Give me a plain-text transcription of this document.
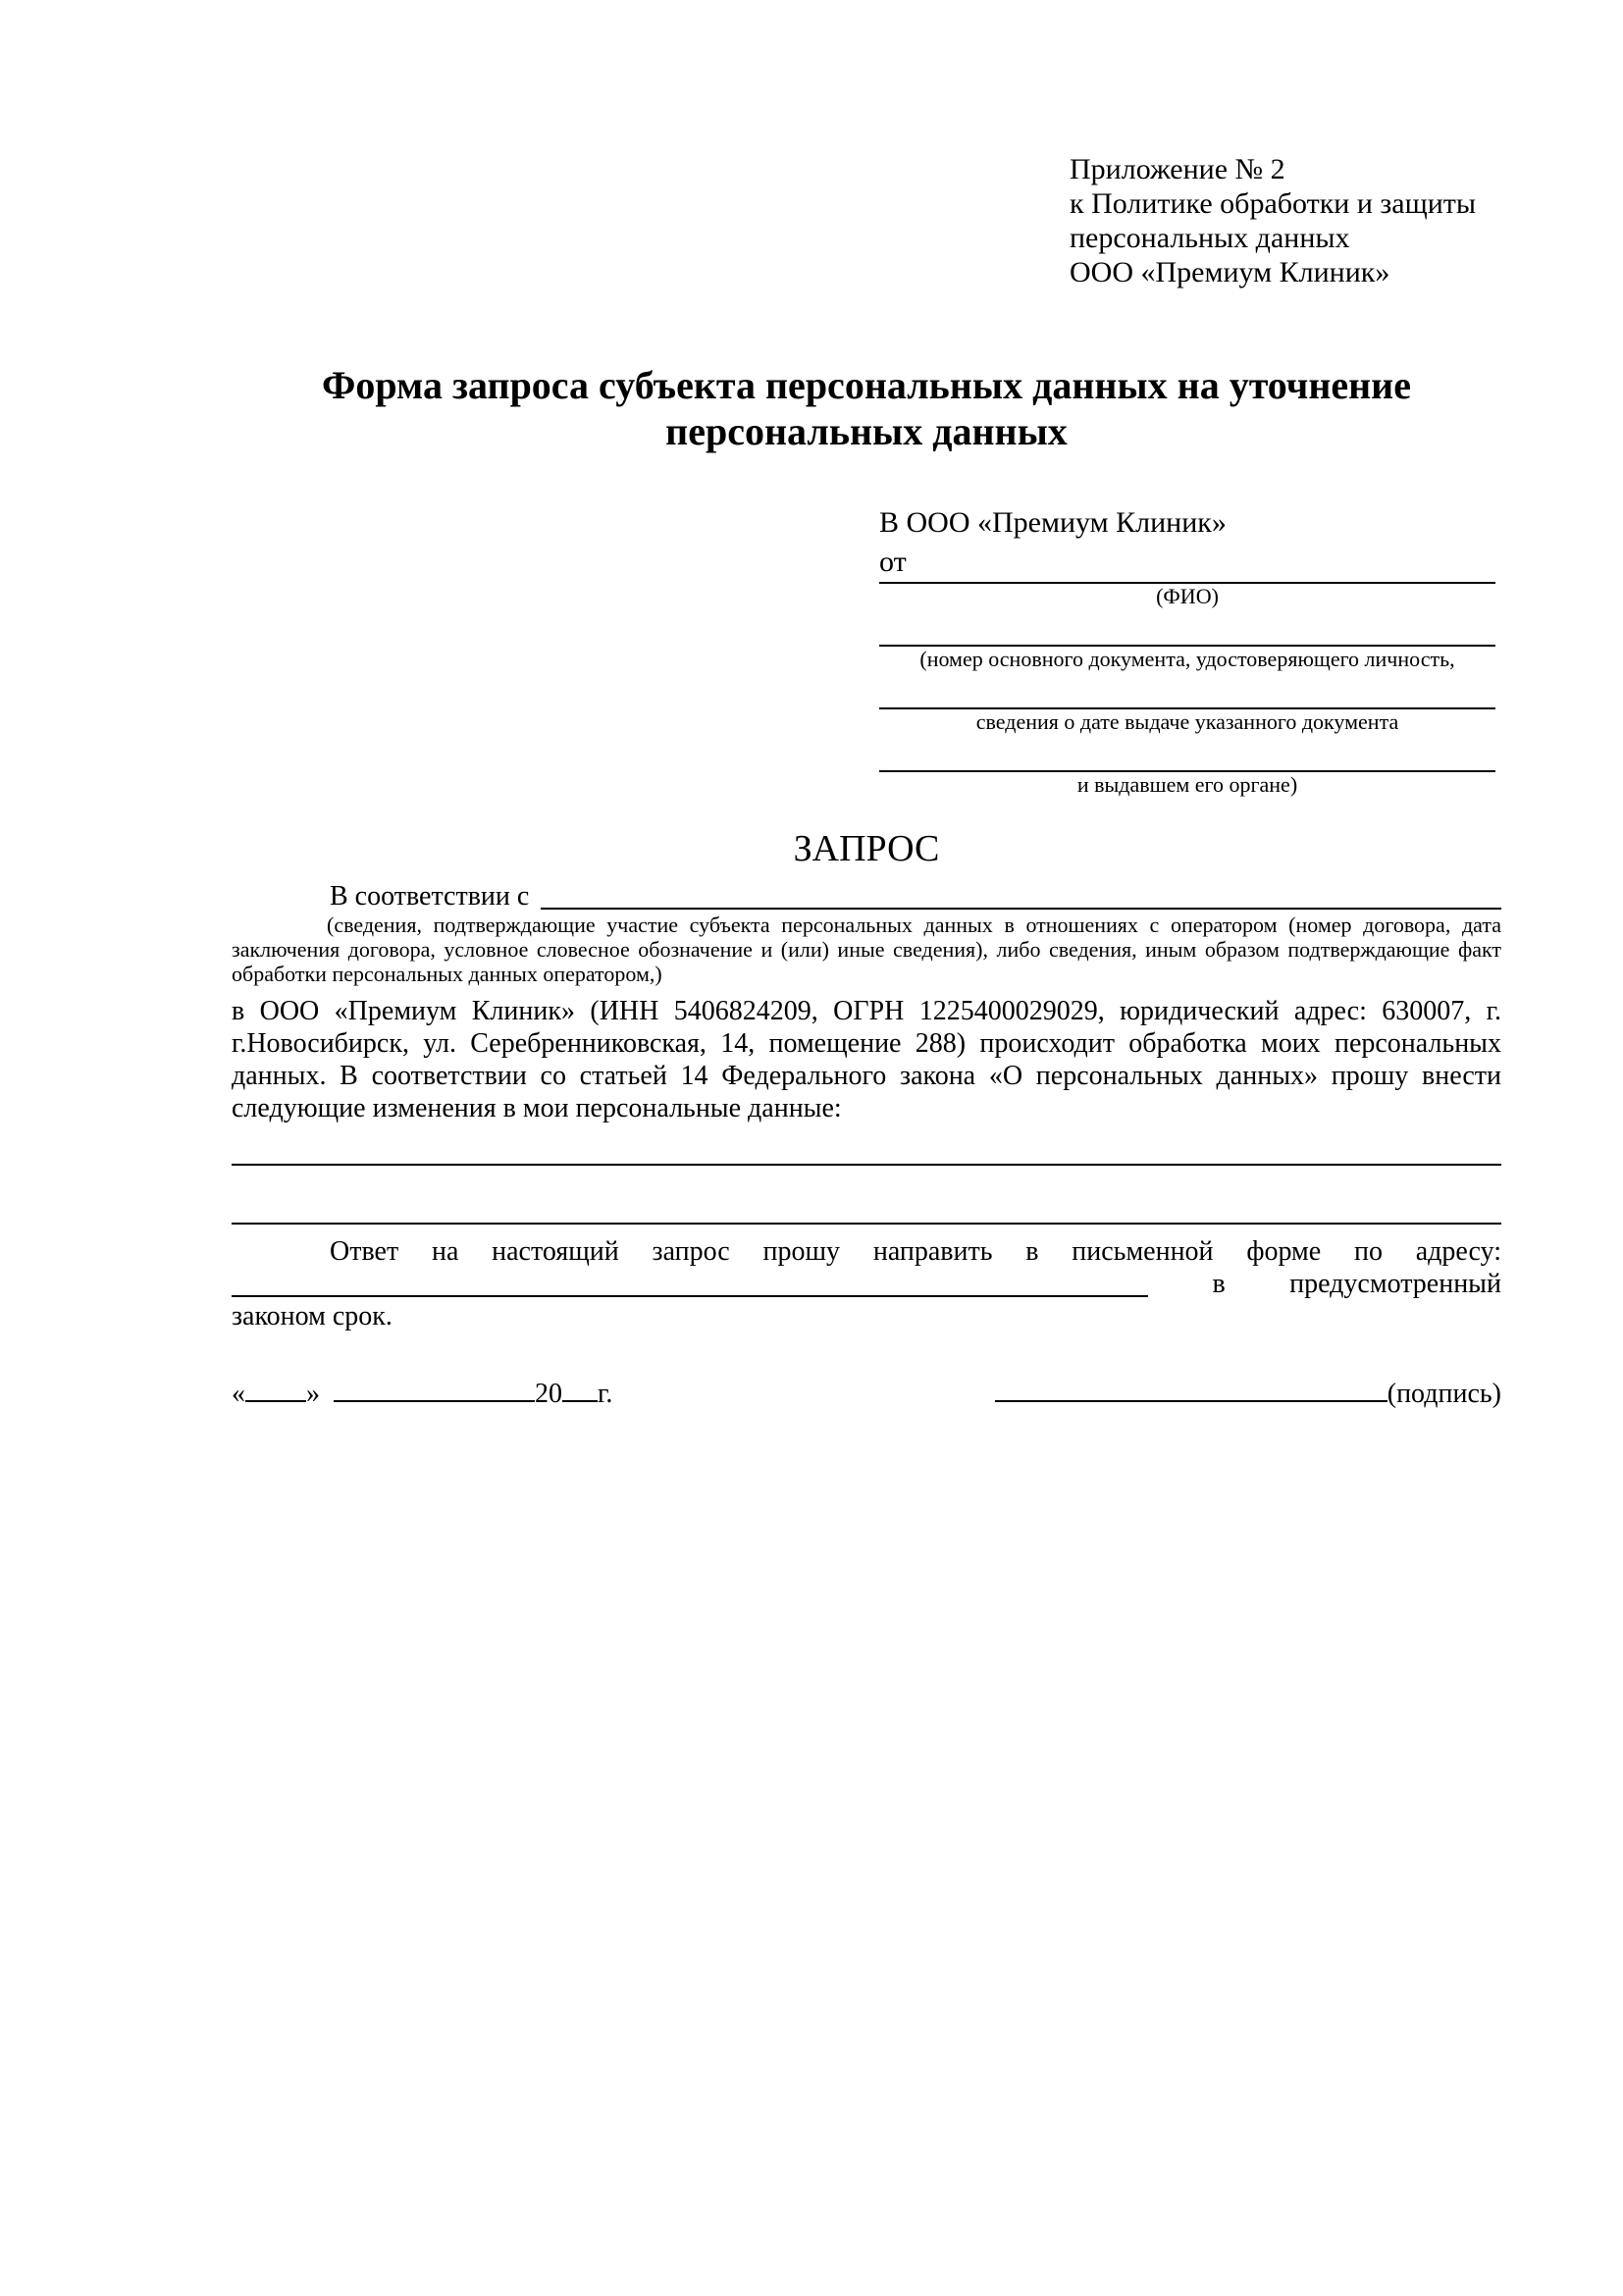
Приложение № 2
к Политике обработки и защиты
персональных данных
ООО «Премиум Клиник»
Форма запроса субъекта персональных данных на уточнение
персональных данных
В ООО «Премиум Клиник»
от
(ФИО)
(номер основного документа, удостоверяющего личность,
сведения о дате выдаче указанного документа
и выдавшем его органе)
ЗАПРОС
В соответствии с
(сведения, подтверждающие участие субъекта персональных данных в отношениях с оператором (номер договора, дата заключения договора, условное словесное обозначение и (или) иные сведения), либо сведения, иным образом подтверждающие факт обработки персональных данных оператором,)
в ООО «Премиум Клиник» (ИНН 5406824209, ОГРН 1225400029029, юридический адрес: 630007, г. г.Новосибирск, ул. Серебренниковская, 14, помещение 288) происходит обработка моих персональных данных. В соответствии со статьей 14 Федерального закона «О персональных данных» прошу внести следующие изменения в мои персональные данные:
Ответ на настоящий запрос прошу направить в письменной форме по адресу:
в предусмотренный
законом срок.
« »	20 г.	(подпись)
